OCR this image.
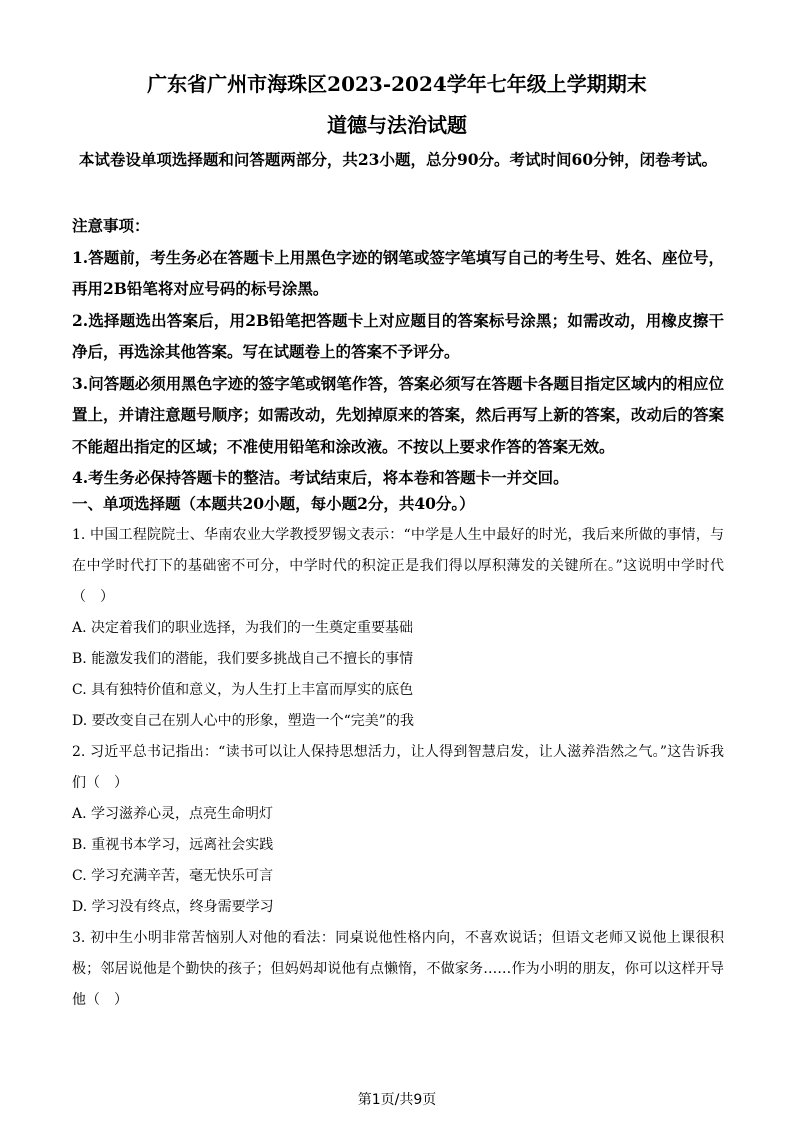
广东省广州市海珠区2023-2024学年七年级上学期期末
道德与法治试题
本试卷设单项选择题和问答题两部分，共23小题，总分90分。考试时间60分钟，闭卷考试。

注意事项：

1.答题前，考生务必在答题卡上用黑色字迹的钢笔或签字笔填写自己的考生号、姓名、座位号，再用2B铅笔将对应号码的标号涂黑。

2.选择题选出答案后，用2B铅笔把答题卡上对应题目的答案标号涂黑；如需改动，用橡皮擦干净后，再选涂其他答案。写在试题卷上的答案不予评分。

3.问答题必须用黑色字迹的签字笔或钢笔作答，答案必须写在答题卡各题目指定区域内的相应位置上，并请注意题号顺序；如需改动，先划掉原来的答案，然后再写上新的答案，改动后的答案不能超出指定的区域；不准使用铅笔和涂改液。不按以上要求作答的答案无效。

4.考生务必保持答题卡的整洁。考试结束后，将本卷和答题卡一并交回。

一、单项选择题（本题共20小题，每小题2分，共40分。）

1. 中国工程院院士、华南农业大学教授罗锡文表示：“中学是人生中最好的时光，我后来所做的事情，与在中学时代打下的基础密不可分，中学时代的积淀正是我们得以厚积薄发的关键所在。”这说明中学时代（　）

A. 决定着我们的职业选择，为我们的一生奠定重要基础
B. 能激发我们的潜能，我们要多挑战自己不擅长的事情
C. 具有独特价值和意义，为人生打上丰富而厚实的底色
D. 要改变自己在别人心中的形象，塑造一个“完美”的我

2. 习近平总书记指出：“读书可以让人保持思想活力，让人得到智慧启发，让人滋养浩然之气。”这告诉我们（　）

A. 学习滋养心灵，点亮生命明灯
B. 重视书本学习，远离社会实践
C. 学习充满辛苦，毫无快乐可言
D. 学习没有终点，终身需要学习

3. 初中生小明非常苦恼别人对他的看法：同桌说他性格内向，不喜欢说话；但语文老师又说他上课很积极；邻居说他是个勤快的孩子；但妈妈却说他有点懒惰，不做家务……作为小明的朋友，你可以这样开导他（　）

第1页/共9页
